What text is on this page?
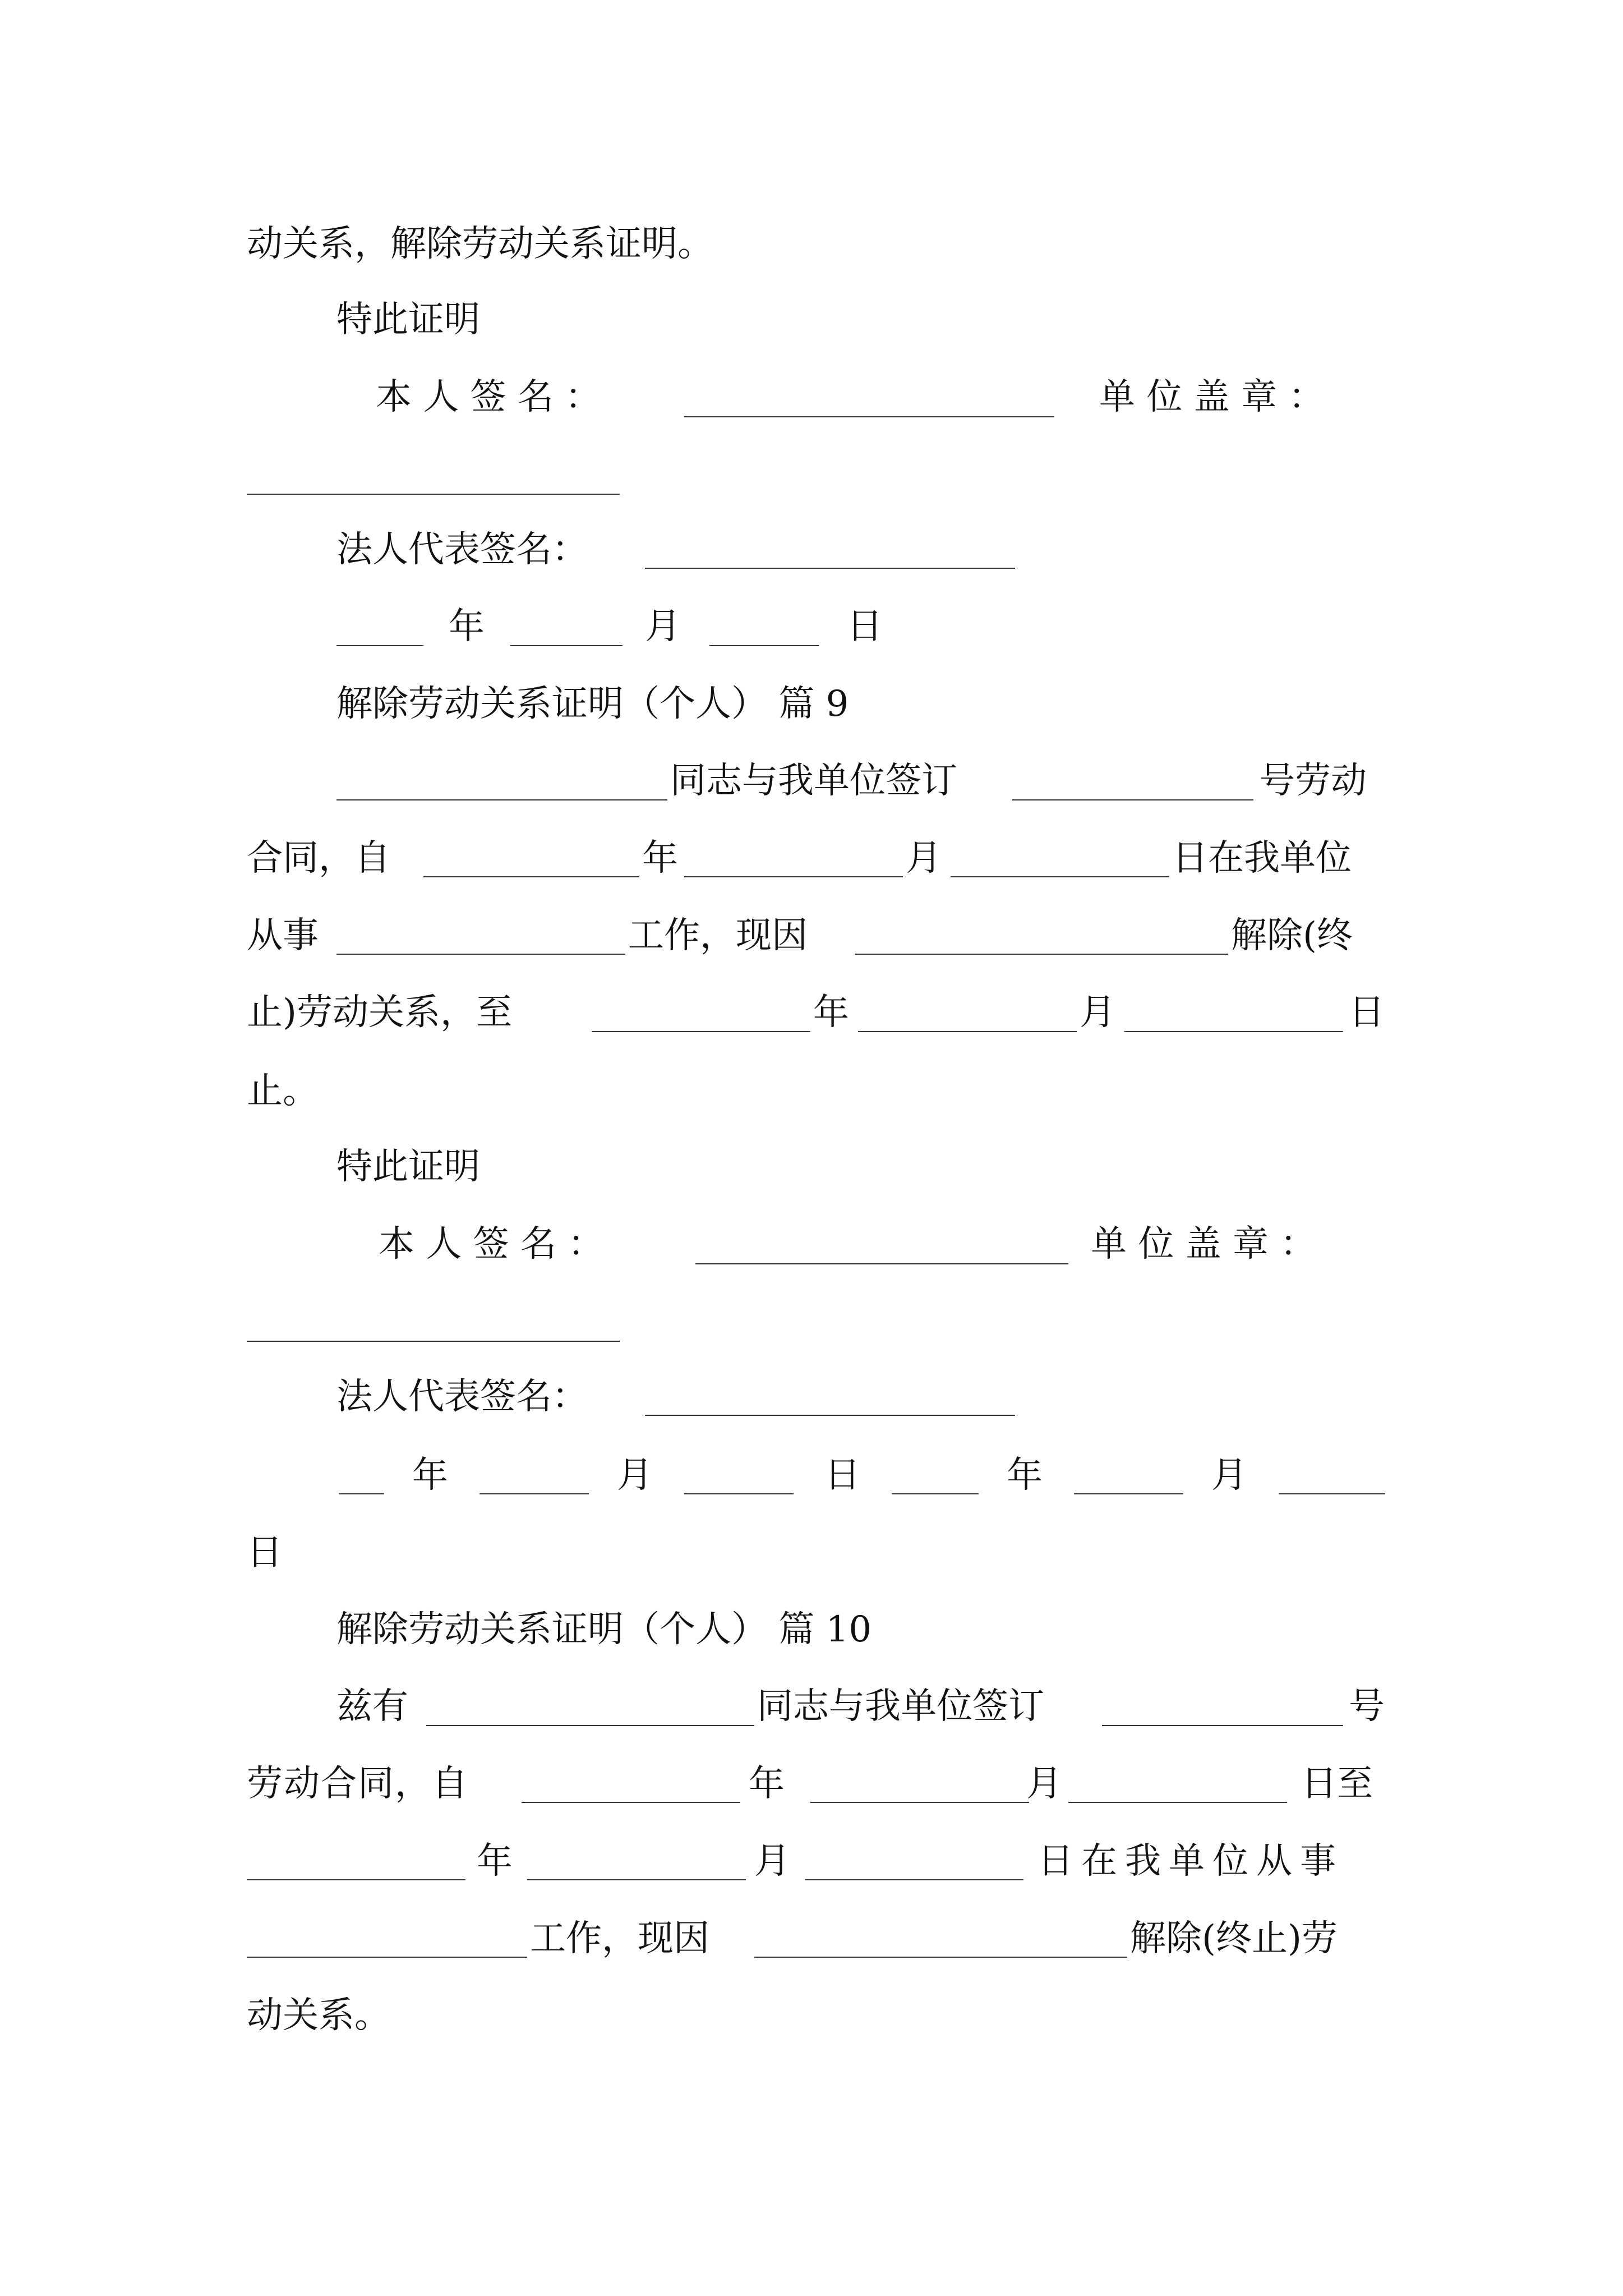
动关系，解除劳动关系证明。
特此证明
本 人 签 名 ：	单 位 盖 章 ：
法人代表签名：
年	月	日
解除劳动关系证明（个人） 篇 9
同志与我单位签订	号劳动
合同，自	年	月	日在我单位
从事	工作，现因	解除(终
止)劳动关系，至	年	月	日
止。
特此证明
本 人 签 名 ：	单 位 盖 章 ：
法人代表签名：
年	月	日	年	月
日
解除劳动关系证明（个人） 篇 10
兹有	同志与我单位签订	号
劳动合同，自	年	月	日至
年	月	日在我单位从事
工作，现因	解除(终止)劳
动关系。
